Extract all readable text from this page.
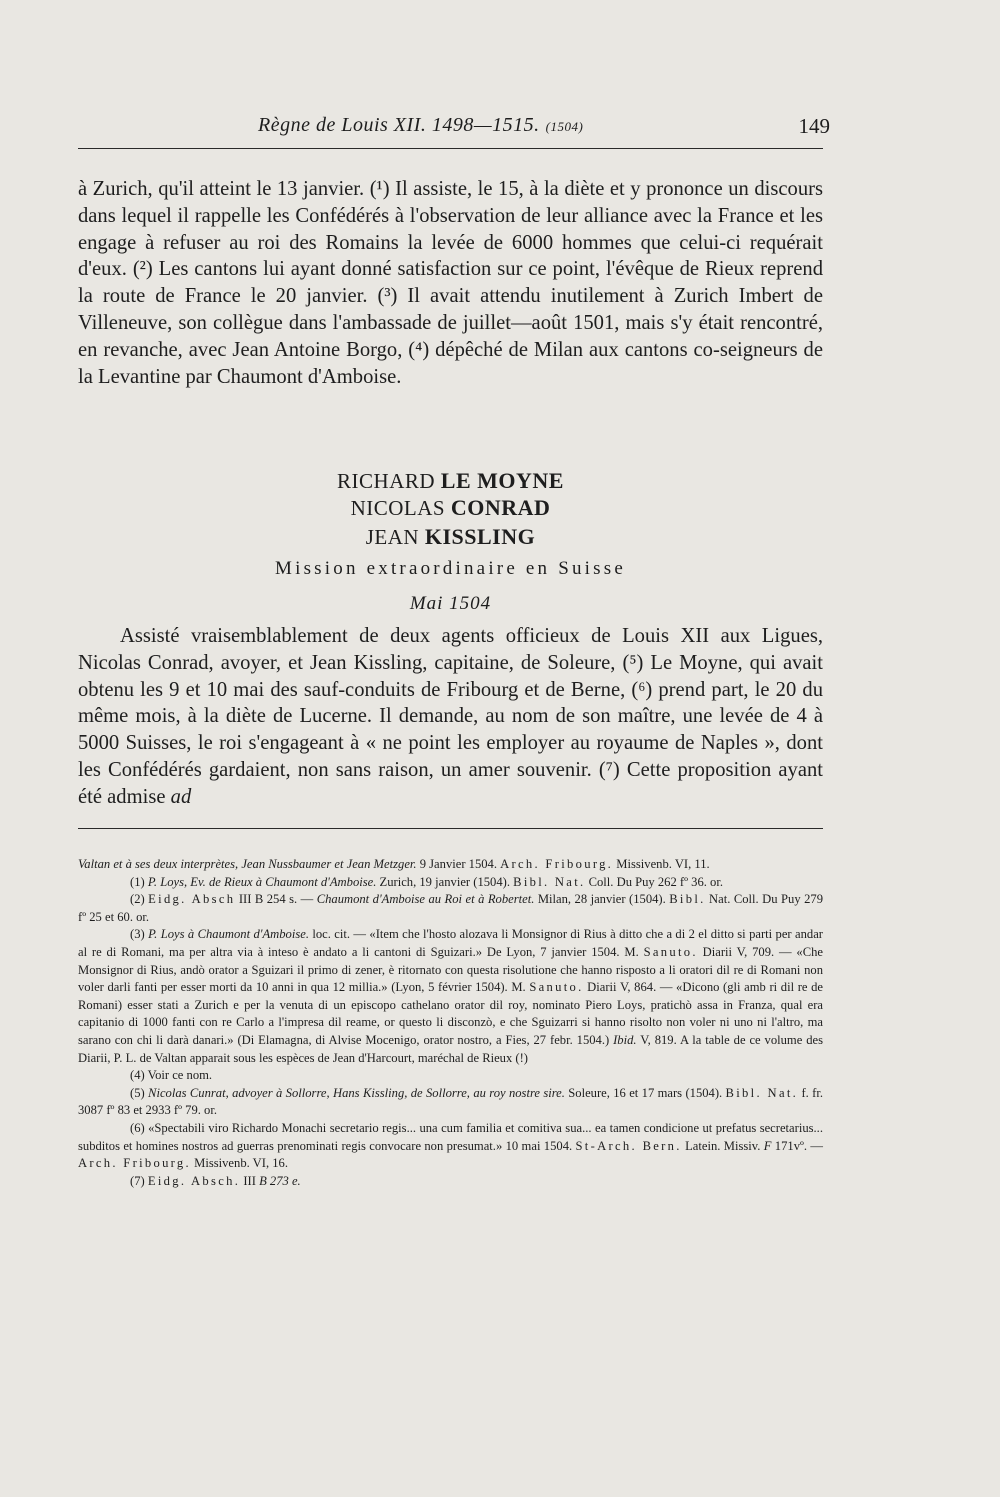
Règne de Louis XII. 1498—1515. (1504)	149

à Zurich, qu'il atteint le 13 janvier. (¹) Il assiste, le 15, à la diète et y prononce un discours dans lequel il rappelle les Confédérés à l'observation de leur alliance avec la France et les engage à refuser au roi des Romains la levée de 6000 hommes que celui-ci requérait d'eux. (²) Les cantons lui ayant donné satisfaction sur ce point, l'évêque de Rieux reprend la route de France le 20 janvier. (³) Il avait attendu inutilement à Zurich Imbert de Villeneuve, son collègue dans l'ambassade de juillet—août 1501, mais s'y était rencontré, en revanche, avec Jean Antoine Borgo, (⁴) dépêché de Milan aux cantons co-seigneurs de la Levantine par Chaumont d'Amboise.

RICHARD LE MOYNE
NICOLAS CONRAD
JEAN KISSLING
Mission extraordinaire en Suisse
Mai 1504

Assisté vraisemblablement de deux agents officieux de Louis XII aux Ligues, Nicolas Conrad, avoyer, et Jean Kissling, capitaine, de Soleure, (⁵) Le Moyne, qui avait obtenu les 9 et 10 mai des sauf-conduits de Fribourg et de Berne, (⁶) prend part, le 20 du même mois, à la diète de Lucerne. Il demande, au nom de son maître, une levée de 4 à 5000 Suisses, le roi s'engageant à « ne point les employer au royaume de Naples », dont les Confédérés gardaient, non sans raison, un amer souvenir. (⁷) Cette proposition ayant été admise ad

Valtan et à ses deux interprètes, Jean Nussbaumer et Jean Metzger. 9 Janvier 1504. Arch. Fribourg. Missivenb. VI, 11.

(1) P. Loys, Ev. de Rieux à Chaumont d'Amboise. Zurich, 19 janvier (1504). Bibl. Nat. Coll. Du Puy 262 fº 36. or.

(2) Eidg. Absch III B 254 s. — Chaumont d'Amboise au Roi et à Robertet. Milan, 28 janvier (1504). Bibl. Nat. Coll. Du Puy 279 fº 25 et 60. or.

(3) P. Loys à Chaumont d'Amboise. loc. cit. — «Item che l'hosto alozava li Monsignor di Rius à ditto che a di 2 el ditto si parti per andar al re di Romani, ma per altra via à inteso è andato a li cantoni di Sguizari.» De Lyon, 7 janvier 1504. M. Sanuto. Diarii V, 709. — «Che Monsignor di Rius, andò orator a Sguizari il primo di zener, è ritornato con questa risolutione che hanno risposto a li oratori dil re di Romani non voler darli fanti per esser morti da 10 anni in qua 12 millia.» (Lyon, 5 février 1504). M. Sanuto. Diarii V, 864. — «Dicono (gli amb ri dil re de Romani) esser stati a Zurich e per la venuta di un episcopo cathelano orator dil roy, nominato Piero Loys, pratichò assa in Franza, qual era capitanio di 1000 fanti con re Carlo a l'impresa dil reame, or questo li disconzò, e che Sguizarri si hanno risolto non voler ni uno ni l'altro, ma sarano con chi li darà danari.» (Di Elamagna, di Alvise Mocenigo, orator nostro, a Fies, 27 febr. 1504.) Ibid. V, 819. A la table de ce volume des Diarii, P. L. de Valtan apparait sous les espèces de Jean d'Harcourt, maréchal de Rieux (!)

(4) Voir ce nom.

(5) Nicolas Cunrat, advoyer à Sollorre, Hans Kissling, de Sollorre, au roy nostre sire. Soleure, 16 et 17 mars (1504). Bibl. Nat. f. fr. 3087 fº 83 et 2933 fº 79. or.

(6) «Spectabili viro Richardo Monachi secretario regis... una cum familia et comitiva sua... ea tamen condicione ut prefatus secretarius... subditos et homines nostros ad guerras prenominati regis convocare non presumat.» 10 mai 1504. St-Arch. Bern. Latein. Missiv. F 171vº. — Arch. Fribourg. Missivenb. VI, 16.

(7) Eidg. Absch. III B 273 e.
